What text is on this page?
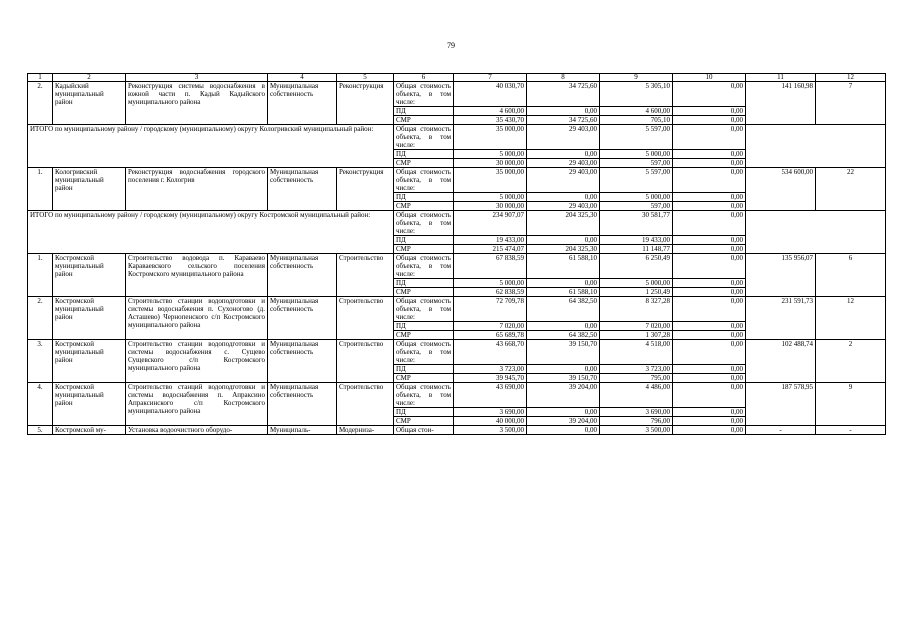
79
1	2	3	4	5	6	7	8	9	10	11	12
2.	Кадыйский муниципальный район	Реконструкция системы водоснабжения в южной части п. Кадый Кадыйского муниципального района	Муниципальная собственность	Реконструкция	Общая стоимость объекта, в том числе:	40 030,70	34 725,60	5 305,10	0,00	141 160,98	7
					ПД	4 600,00	0,00	4 600,00	0,00		
					СМР	35 430,70	34 725,60	705,10	0,00		
ИТОГО по муниципальному району / городскому (муниципальному) округу Кологривский муниципальный район:					Общая стоимость объекта, в том числе:	35 000,00	29 403,00	5 597,00	0,00		
					ПД	5 000,00	0,00	5 000,00	0,00		
					СМР	30 000,00	29 403,00	597,00	0,00		
1.	Кологривский муниципальный район	Реконструкция водоснабжения городского поселения г. Кологрив	Муниципальная собственность	Реконструкция	Общая стоимость объекта, в том числе:	35 000,00	29 403,00	5 597,00	0,00	534 600,00	22
					ПД	5 000,00	0,00	5 000,00	0,00		
					СМР	30 000,00	29 403,00	597,00	0,00		
ИТОГО по муниципальному району / городскому (муниципальному) округу Костромской муниципальный район:					Общая стоимость объекта, в том числе:	234 907,07	204 325,30	30 581,77	0,00		
					ПД	19 433,00	0,00	19 433,00	0,00		
					СМР	215 474,07	204 325,30	11 148,77	0,00		
1.	Костромской муниципальный район	Строительство водовода п. Караваево Караваевского сельского поселения Костромского муниципального района	Муниципальная собственность	Строительство	Общая стоимость объекта, в том числе:	67 838,59	61 588,10	6 250,49	0,00	135 956,07	6
					ПД	5 000,00	0,00	5 000,00	0,00		
					СМР	62 838,59	61 588,10	1 250,49	0,00		
2.	Костромской муниципальный район	Строительство станции водоподготовки и системы водоснабжения п. Сухоногово (д. Асташево) Чернопенского с/п Костромского муниципального района	Муниципальная собственность	Строительство	Общая стоимость объекта, в том числе:	72 709,78	64 382,50	8 327,28	0,00	231 591,73	12
					ПД	7 020,00	0,00	7 020,00	0,00		
					СМР	65 689,78	64 382,50	1 307,28	0,00		
3.	Костромской муниципальный район	Строительство станции водоподготовки и системы водоснабжения с. Сущево Сущевского с/п Костромского муниципального района	Муниципальная собственность	Строительство	Общая стоимость объекта, в том числе:	43 668,70	39 150,70	4 518,00	0,00	102 488,74	2
					ПД	3 723,00	0,00	3 723,00	0,00		
					СМР	39 945,70	39 150,70	795,00	0,00		
4.	Костромской муниципальный район	Строительство станций водоподготовки и системы водоснабжения п. Апраксино Апраксинского с/п Костромского муниципального района	Муниципальная собственность	Строительство	Общая стоимость объекта, в том числе:	43 690,00	39 204,00	4 486,00	0,00	187 578,95	9
					ПД	3 690,00	0,00	3 690,00	0,00		
					СМР	40 000,00	39 204,00	796,00	0,00		
5.	Костромской му-	Установка водоочистного оборудо-	Муниципаль-	Модерниза-	Общая стои-	3 500,00	0,00	3 500,00	0,00	-	-
